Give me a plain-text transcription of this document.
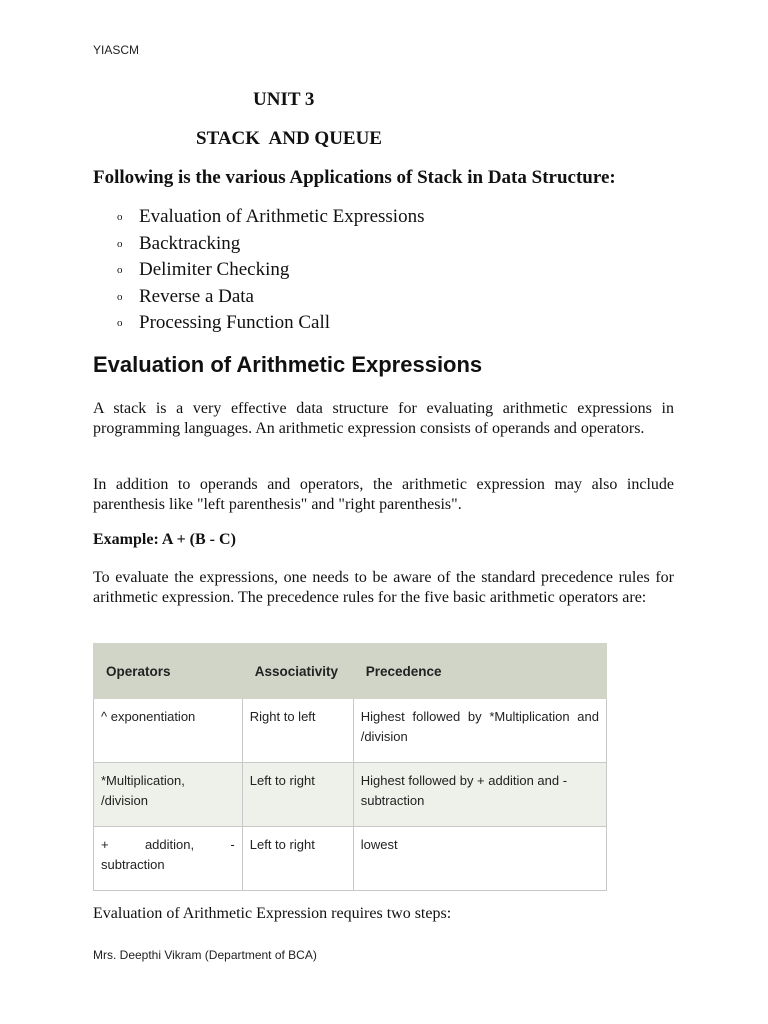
YIASCM
UNIT 3
STACK  AND QUEUE
Following is the various Applications of Stack in Data Structure:
o Evaluation of Arithmetic Expressions
o Backtracking
o Delimiter Checking
o Reverse a Data
o Processing Function Call
Evaluation of Arithmetic Expressions
A stack is a very effective data structure for evaluating arithmetic expressions in programming languages. An arithmetic expression consists of operands and operators.
In addition to operands and operators, the arithmetic expression may also include parenthesis like "left parenthesis" and "right parenthesis".
Example: A + (B - C)
To evaluate the expressions, one needs to be aware of the standard precedence rules for arithmetic expression. The precedence rules for the five basic arithmetic operators are:
Operators	Associativity	Precedence
^ exponentiation	Right to left	Highest followed by *Multiplication and /division
*Multiplication, /division	Left to right	Highest followed by + addition and - subtraction
+ addition, - subtraction	Left to right	lowest
Evaluation of Arithmetic Expression requires two steps:
Mrs. Deepthi Vikram (Department of BCA)
